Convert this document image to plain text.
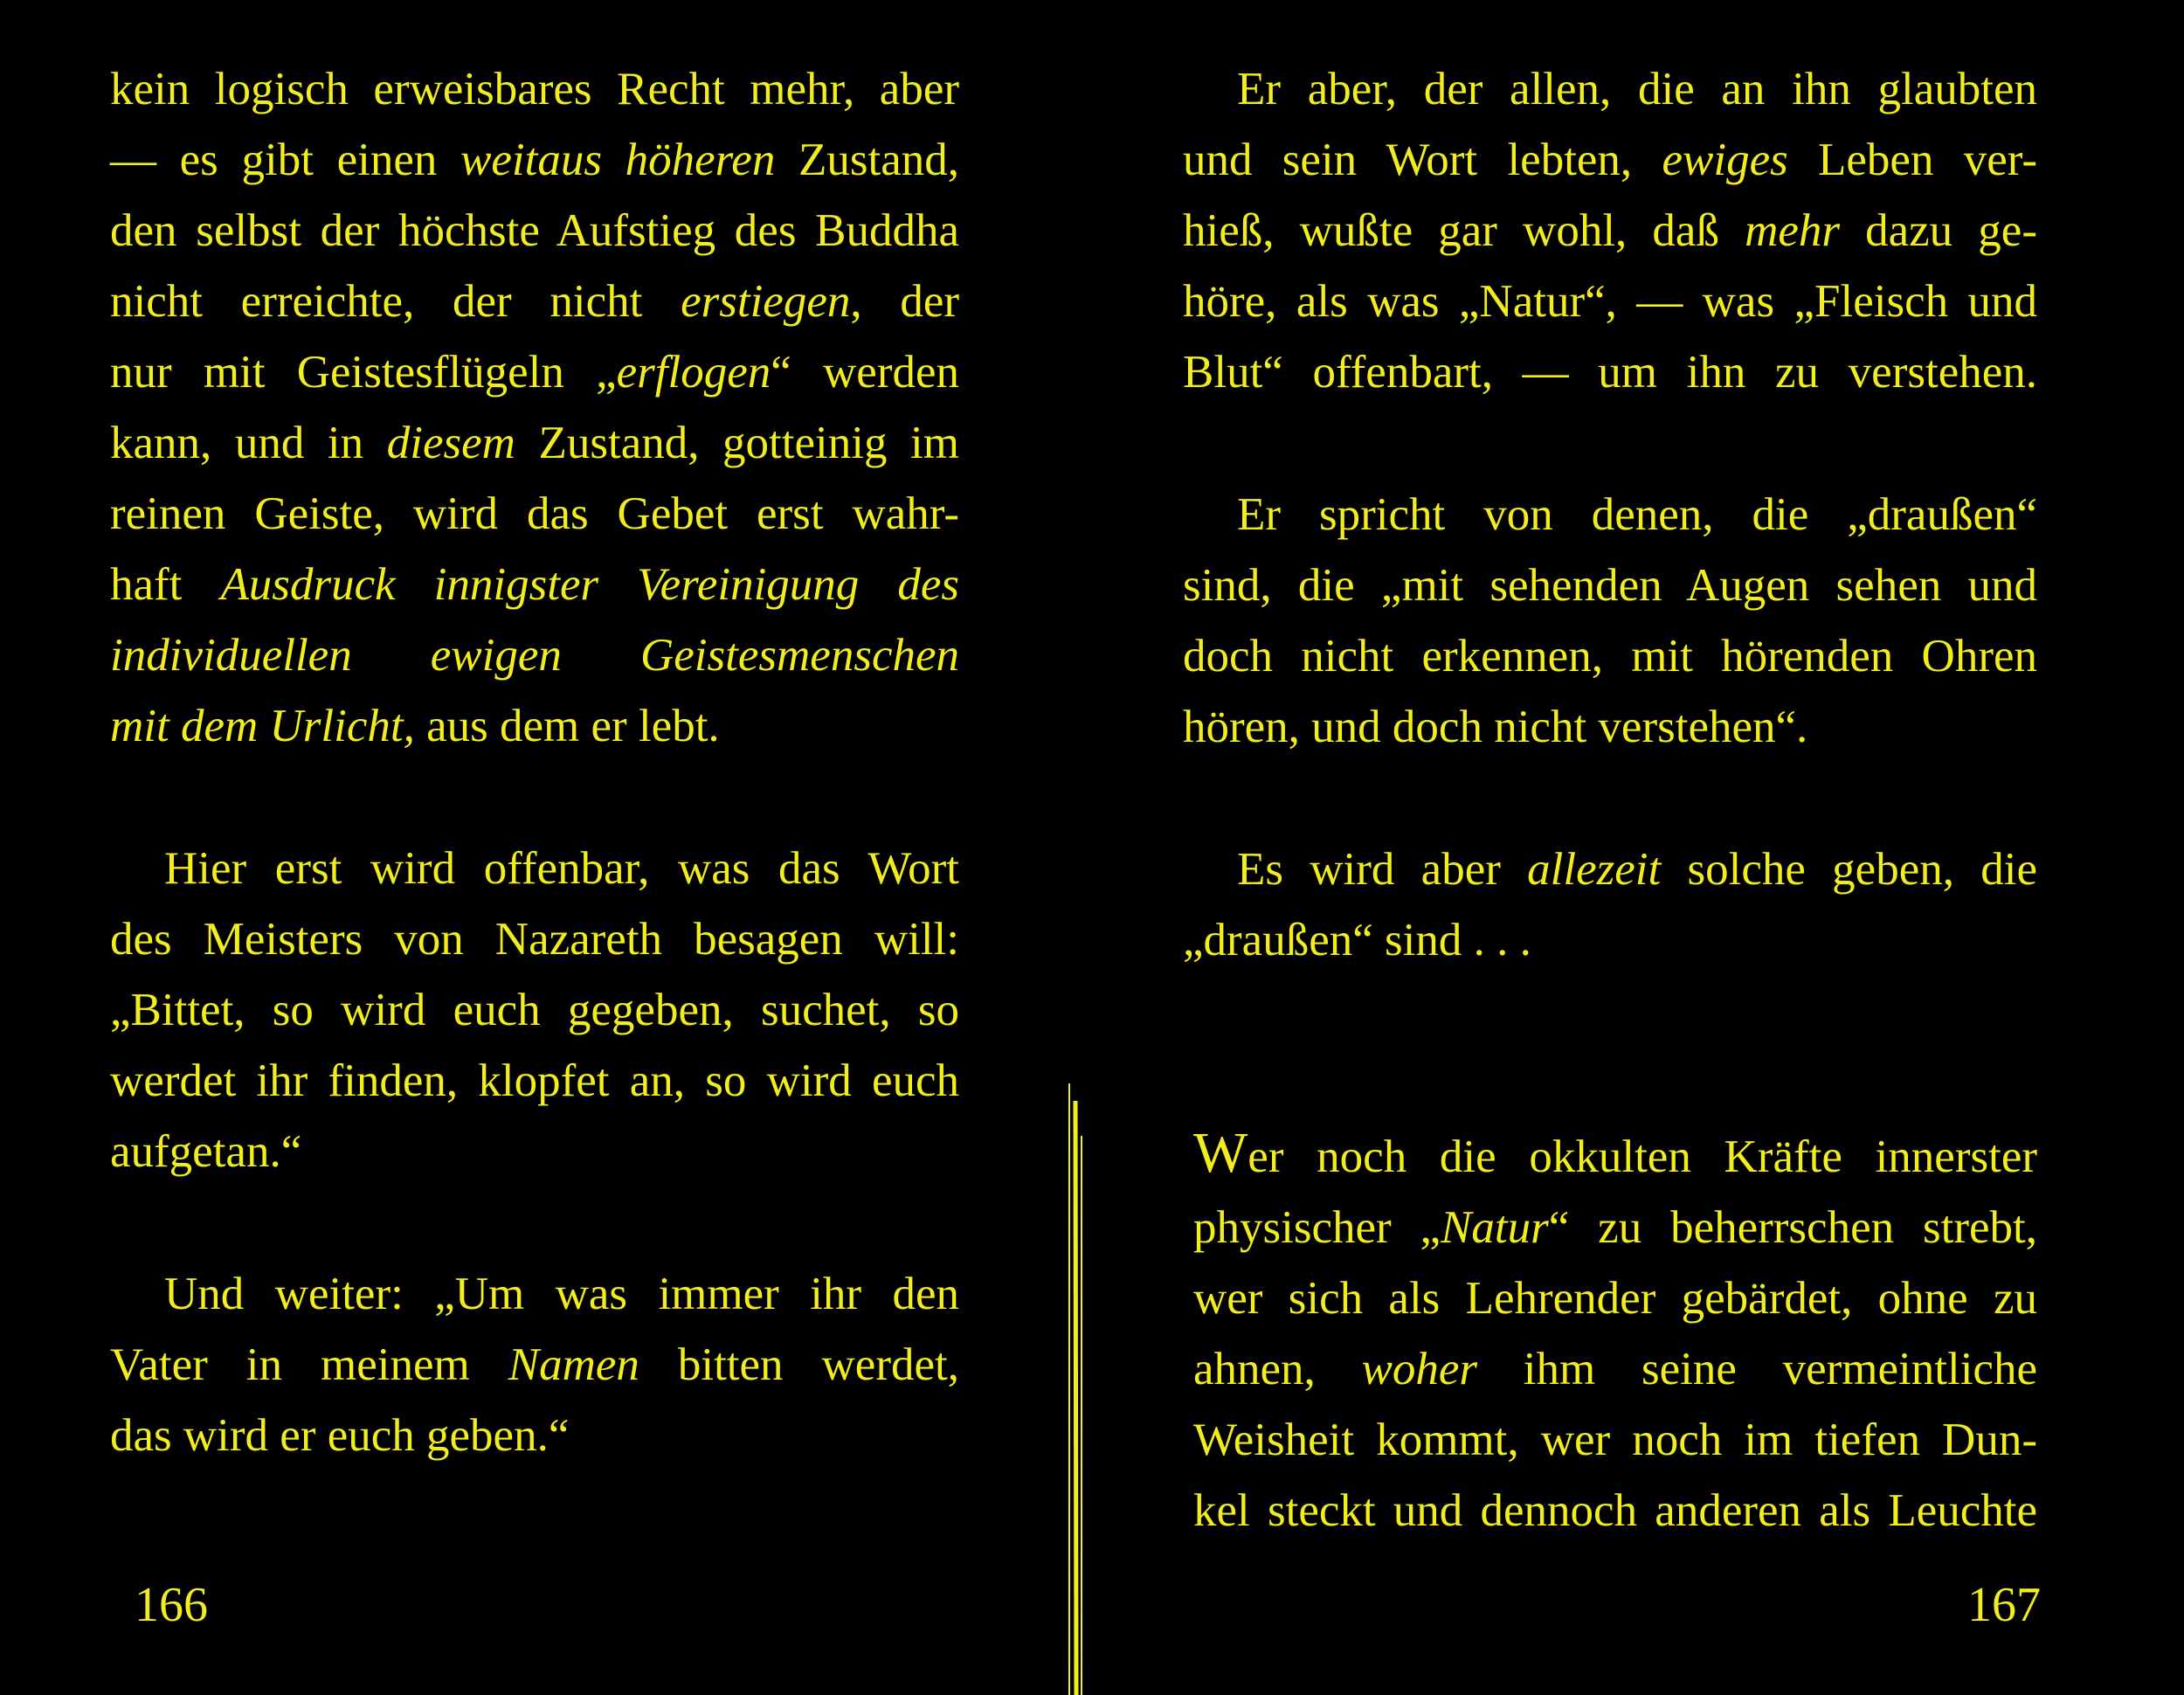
kein logisch erweisbares Recht mehr, aber
— es gibt einen weitaus höheren Zustand,
den selbst der höchste Aufstieg des Buddha
nicht erreichte, der nicht erstiegen, der
nur mit Geistesflügeln „erflogen“ werden
kann, und in diesem Zustand, gotteinig im
reinen Geiste, wird das Gebet erst wahr-
haft Ausdruck innigster Vereinigung des
individuellen ewigen Geistesmenschen
mit dem Urlicht, aus dem er lebt.
Hier erst wird offenbar, was das Wort
des Meisters von Nazareth besagen will:
„Bittet, so wird euch gegeben, suchet, so
werdet ihr finden, klopfet an, so wird euch
aufgetan.“
Und weiter: „Um was immer ihr den
Vater in meinem Namen bitten werdet,
das wird er euch geben.“
166
Er aber, der allen, die an ihn glaubten
und sein Wort lebten, ewiges Leben ver-
hieß, wußte gar wohl, daß mehr dazu ge-
höre, als was „Natur“, — was „Fleisch und
Blut“ offenbart, — um ihn zu verstehen.
Er spricht von denen, die „draußen“
sind, die „mit sehenden Augen sehen und
doch nicht erkennen, mit hörenden Ohren
hören, und doch nicht verstehen“.
Es wird aber allezeit solche geben, die
„draußen“ sind . . .
Wer noch die okkulten Kräfte innerster
physischer „Natur“ zu beherrschen strebt,
wer sich als Lehrender gebärdet, ohne zu
ahnen, woher ihm seine vermeintliche
Weisheit kommt, wer noch im tiefen Dun-
kel steckt und dennoch anderen als Leuchte
167
